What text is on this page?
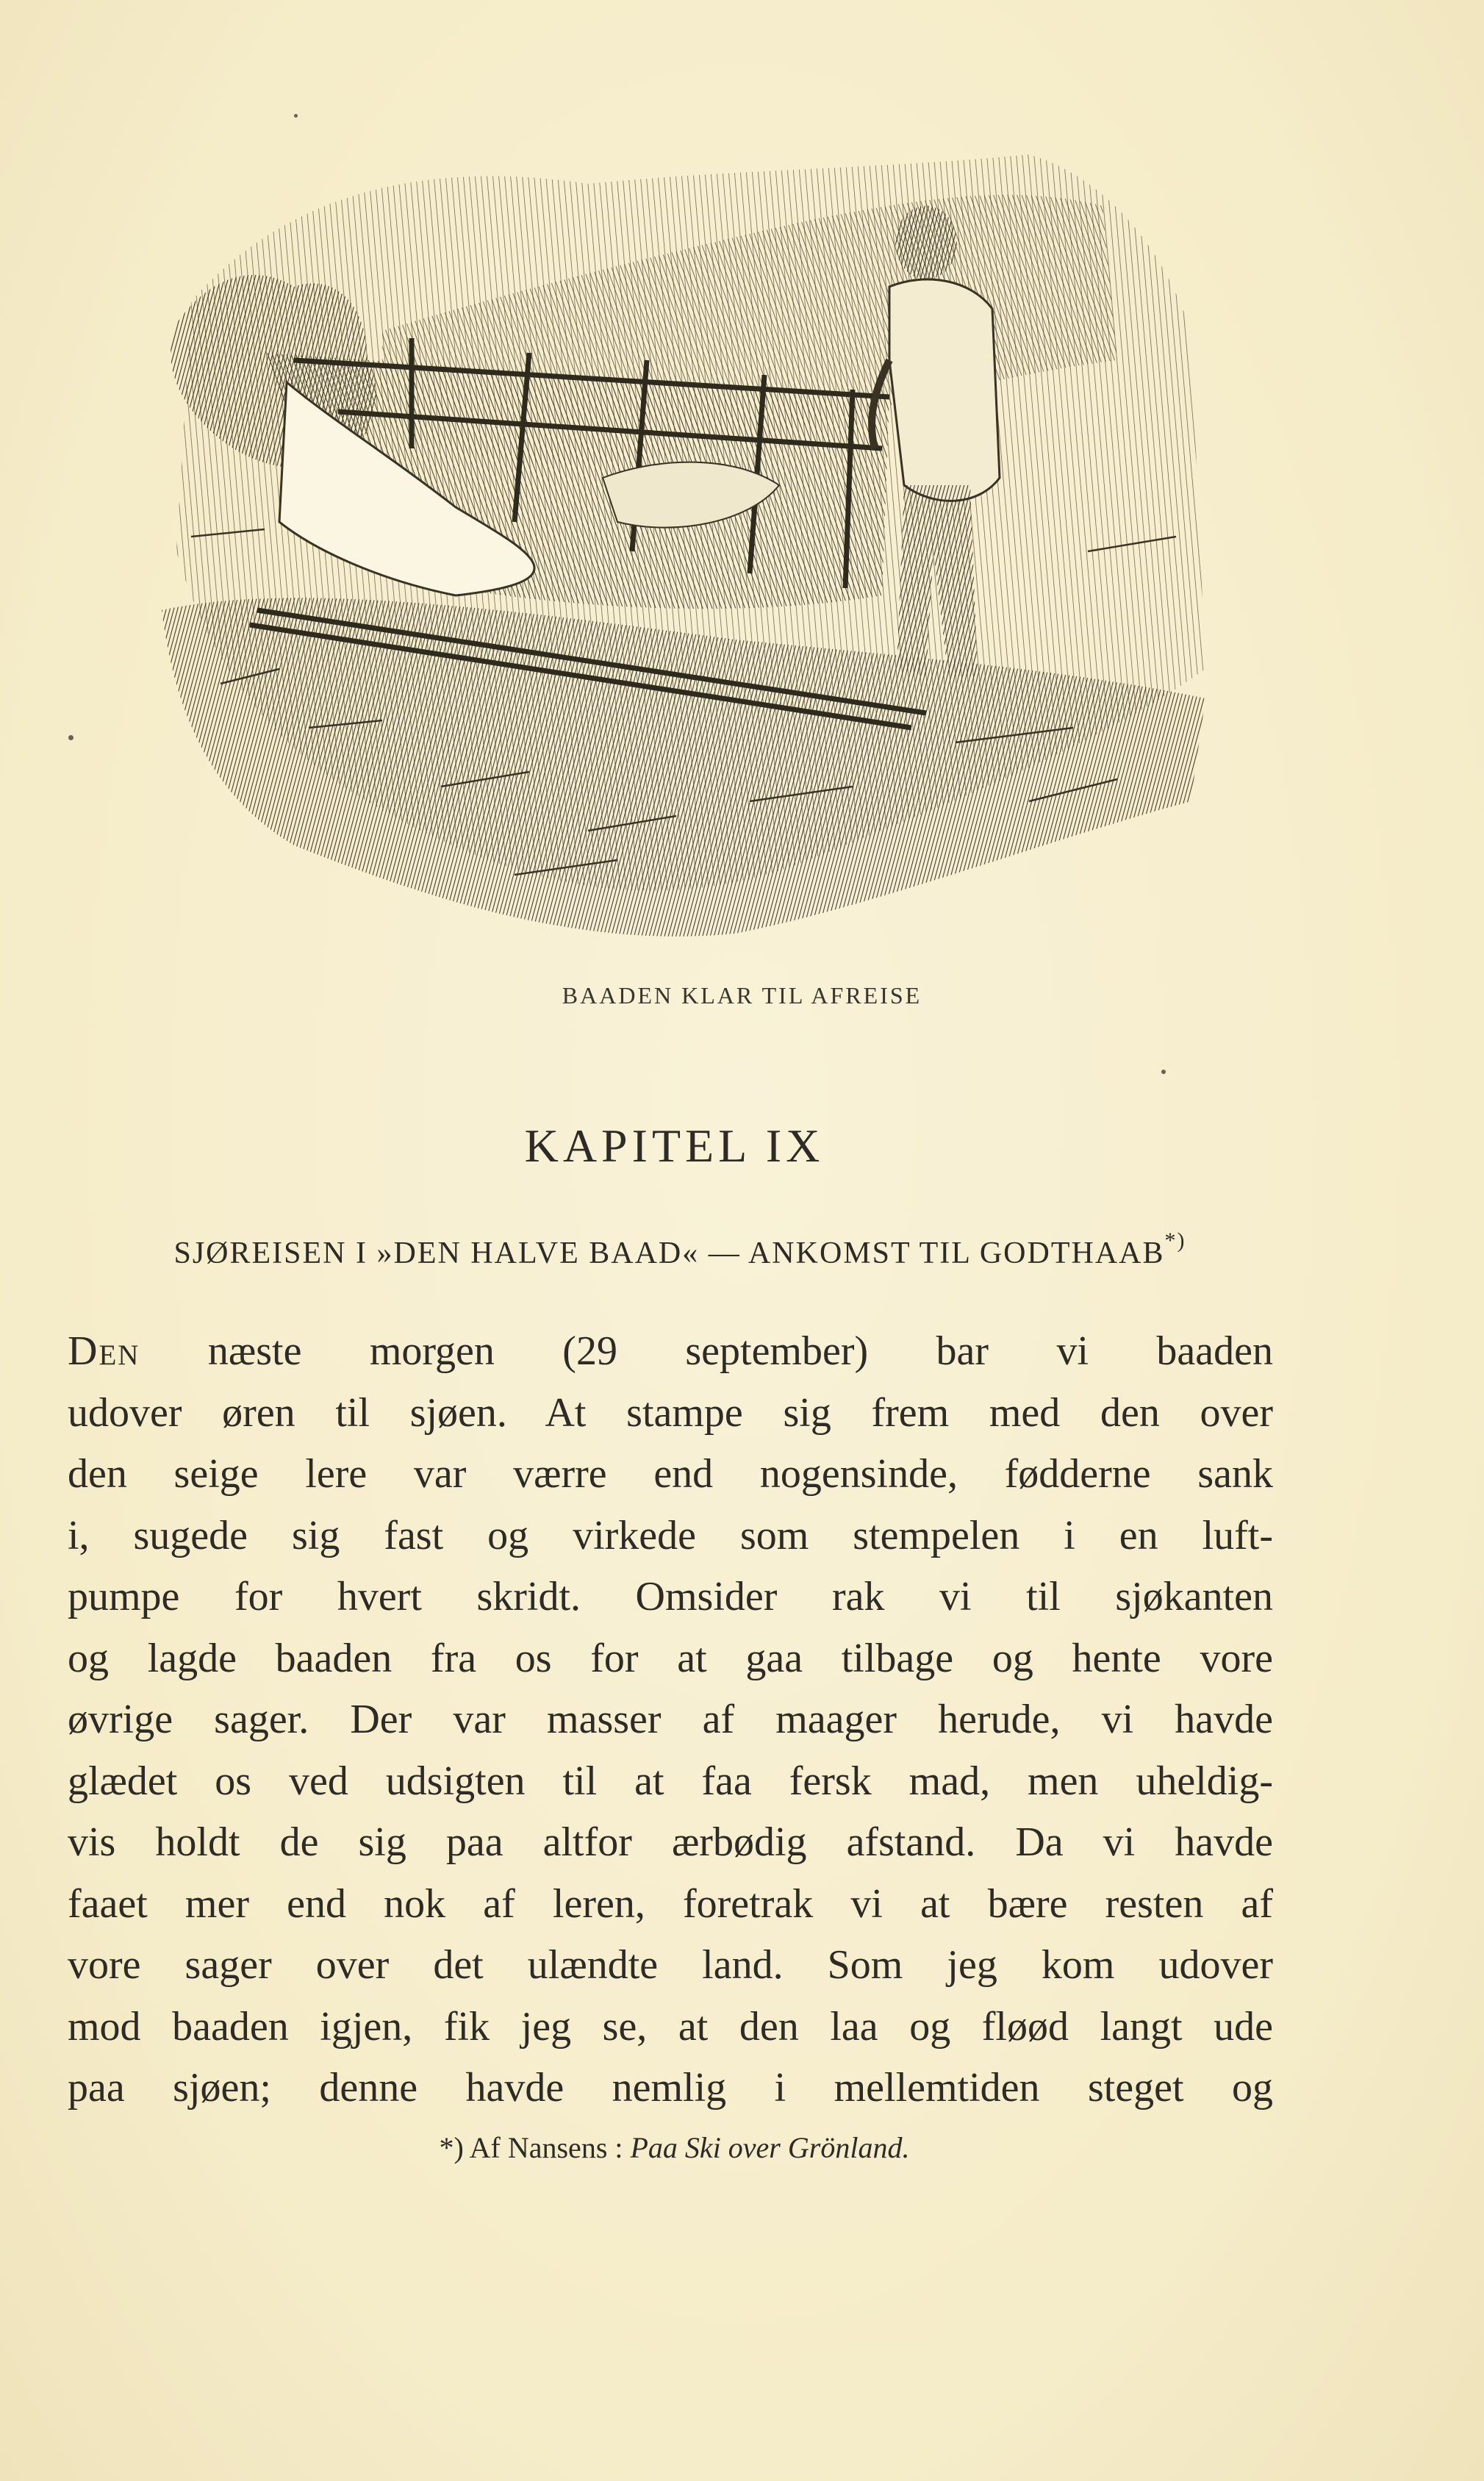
BAADEN KLAR TIL AFREISE
KAPITEL IX
SJØREISEN I »DEN HALVE BAAD« — ANKOMST TIL GODTHAAB*)
Den næste morgen (29 september) bar vi baaden
udover øren til sjøen. At stampe sig frem med den over
den seige lere var værre end nogensinde, fødderne sank
i, sugede sig fast og virkede som stempelen i en luft-
pumpe for hvert skridt. Omsider rak vi til sjøkanten
og lagde baaden fra os for at gaa tilbage og hente vore
øvrige sager. Der var masser af maager herude, vi havde
glædet os ved udsigten til at faa fersk mad, men uheldig-
vis holdt de sig paa altfor ærbødig afstand. Da vi havde
faaet mer end nok af leren, foretrak vi at bære resten af
vore sager over det ulændte land. Som jeg kom udover
mod baaden igjen, fik jeg se, at den laa og fløød langt ude
paa sjøen; denne havde nemlig i mellemtiden steget og
*) Af Nansens : Paa Ski over Grönland.
